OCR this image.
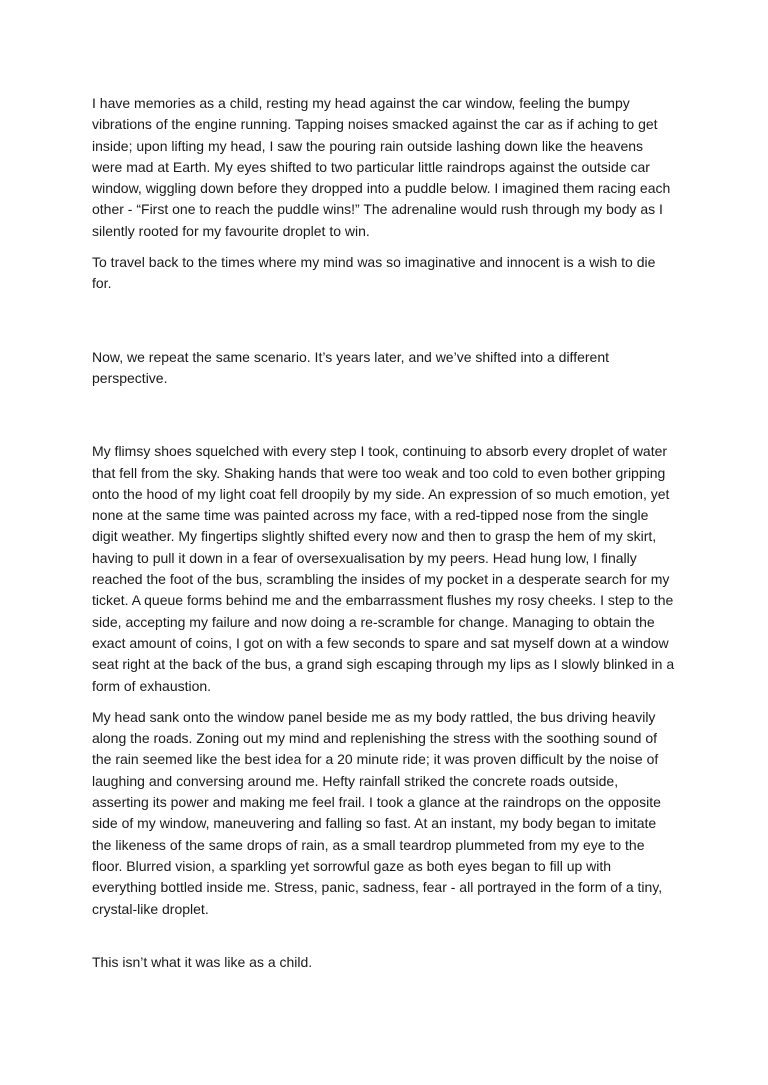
I have memories as a child, resting my head against the car window, feeling the bumpy vibrations of the engine running. Tapping noises smacked against the car as if aching to get inside; upon lifting my head, I saw the pouring rain outside lashing down like the heavens were mad at Earth. My eyes shifted to two particular little raindrops against the outside car window, wiggling down before they dropped into a puddle below. I imagined them racing each other - “First one to reach the puddle wins!” The adrenaline would rush through my body as I silently rooted for my favourite droplet to win.

To travel back to the times where my mind was so imaginative and innocent is a wish to die for.

Now, we repeat the same scenario. It’s years later, and we’ve shifted into a different perspective.

My flimsy shoes squelched with every step I took, continuing to absorb every droplet of water that fell from the sky. Shaking hands that were too weak and too cold to even bother gripping onto the hood of my light coat fell droopily by my side. An expression of so much emotion, yet none at the same time was painted across my face, with a red-tipped nose from the single digit weather. My fingertips slightly shifted every now and then to grasp the hem of my skirt, having to pull it down in a fear of oversexualisation by my peers. Head hung low, I finally reached the foot of the bus, scrambling the insides of my pocket in a desperate search for my ticket. A queue forms behind me and the embarrassment flushes my rosy cheeks. I step to the side, accepting my failure and now doing a re-scramble for change. Managing to obtain the exact amount of coins, I got on with a few seconds to spare and sat myself down at a window seat right at the back of the bus, a grand sigh escaping through my lips as I slowly blinked in a form of exhaustion.

My head sank onto the window panel beside me as my body rattled, the bus driving heavily along the roads. Zoning out my mind and replenishing the stress with the soothing sound of the rain seemed like the best idea for a 20 minute ride; it was proven difficult by the noise of laughing and conversing around me. Hefty rainfall striked the concrete roads outside, asserting its power and making me feel frail. I took a glance at the raindrops on the opposite side of my window, maneuvering and falling so fast. At an instant, my body began to imitate the likeness of the same drops of rain, as a small teardrop plummeted from my eye to the floor. Blurred vision, a sparkling yet sorrowful gaze as both eyes began to fill up with everything bottled inside me. Stress, panic, sadness, fear - all portrayed in the form of a tiny, crystal-like droplet.

This isn’t what it was like as a child.
